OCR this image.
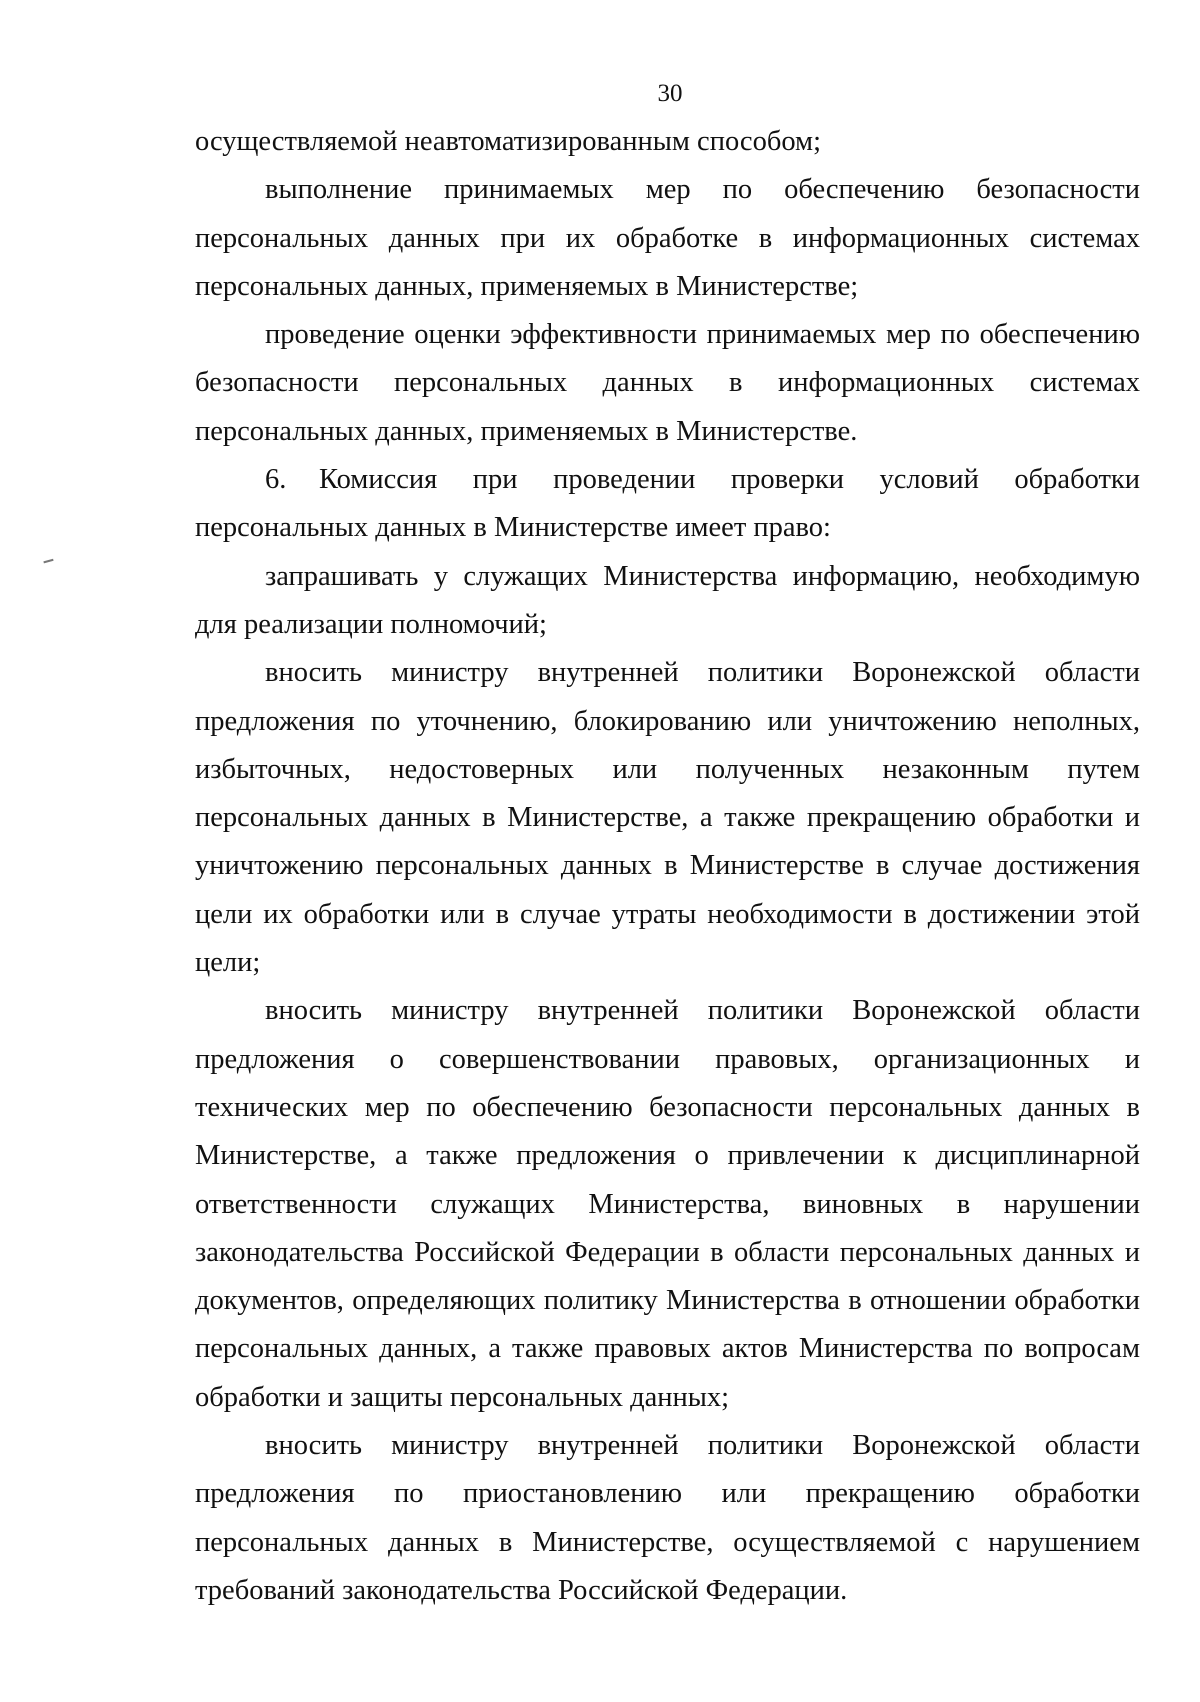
30

осуществляемой неавтоматизированным способом;

выполнение принимаемых мер по обеспечению безопасности персональных данных при их обработке в информационных системах персональных данных, применяемых в Министерстве;

проведение оценки эффективности принимаемых мер по обеспечению безопасности персональных данных в информационных системах персональных данных, применяемых в Министерстве.

6. Комиссия при проведении проверки условий обработки персональных данных в Министерстве имеет право:

запрашивать у служащих Министерства информацию, необходимую для реализации полномочий;

вносить министру внутренней политики Воронежской области предложения по уточнению, блокированию или уничтожению неполных, избыточных, недостоверных или полученных незаконным путем персональных данных в Министерстве, а также прекращению обработки и уничтожению персональных данных в Министерстве в случае достижения цели их обработки или в случае утраты необходимости в достижении этой цели;

вносить министру внутренней политики Воронежской области предложения о совершенствовании правовых, организационных и технических мер по обеспечению безопасности персональных данных в Министерстве, а также предложения о привлечении к дисциплинарной ответственности служащих Министерства, виновных в нарушении законодательства Российской Федерации в области персональных данных и документов, определяющих политику Министерства в отношении обработки персональных данных, а также правовых актов Министерства по вопросам обработки и защиты персональных данных;

вносить министру внутренней политики Воронежской области предложения по приостановлению или прекращению обработки персональных данных в Министерстве, осуществляемой с нарушением требований законодательства Российской Федерации.
